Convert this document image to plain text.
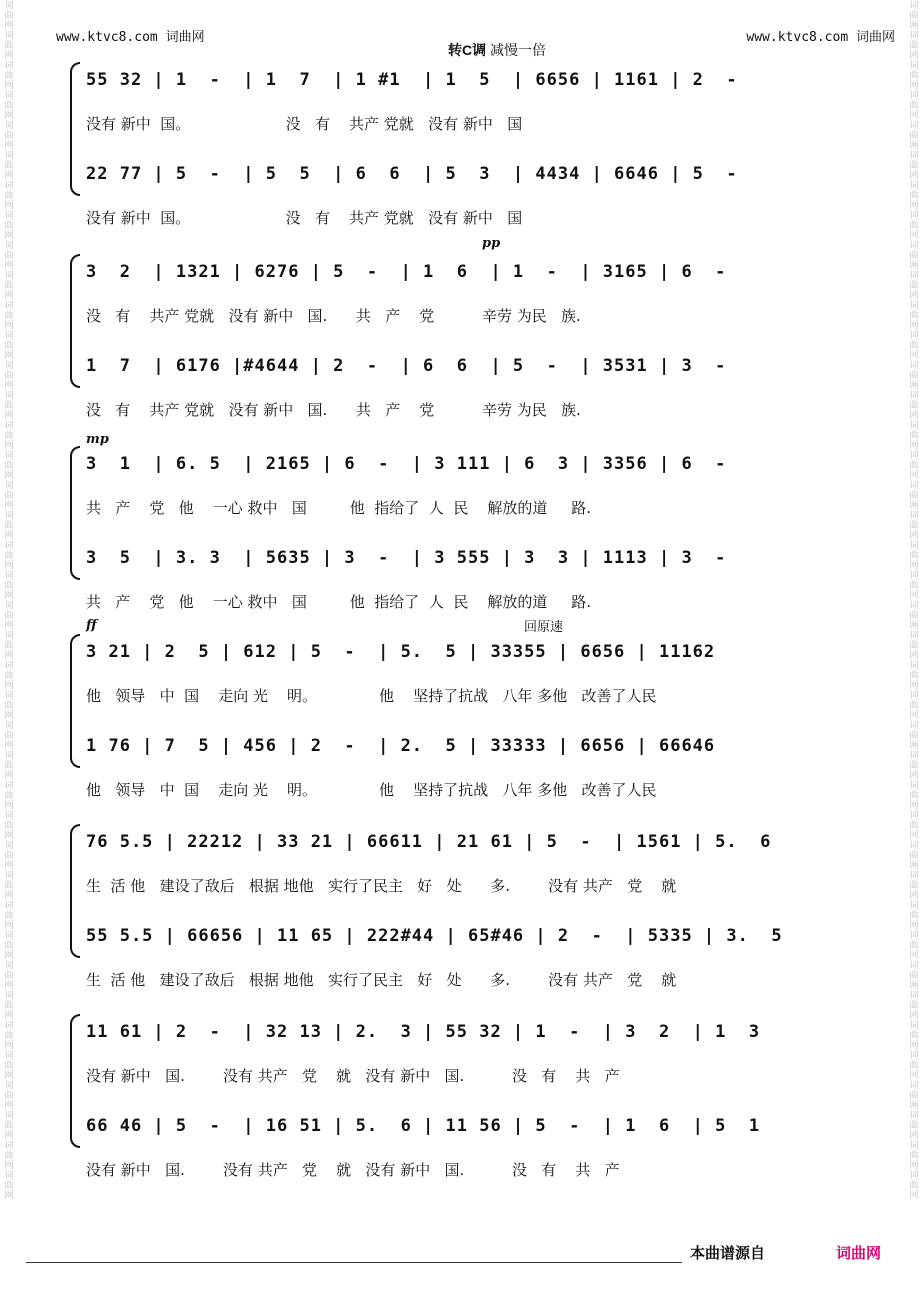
词
曲
网
词
曲
网
词
曲
网
词
曲
网
词
曲
网
词
曲
网
词
曲
网
词
曲
网
词
曲
网
词
曲
网
词
曲
网
词
曲
网
词
曲
网
词
曲
网
词
曲
网
词
曲
网
词
曲
网
词
曲
网
词
曲
网
词
曲
网
词
曲
网
词
曲
网
词
曲
网
词
曲
网
词
曲
网
词
曲
网
词
曲
网
词
曲
网
词
曲
网
词
曲
网
词
曲
网
词
曲
网
词
曲
网
词
曲
网
词
曲
网
词
曲
网
词
曲
网
词
曲
网
词
曲
网
词
曲
网
词
曲
网
词
曲
网
词
曲
网
词
曲
网
词
曲
网
词
曲
网
词
曲
网
词
曲
网
词
曲
网
词
曲
网
词
曲
网
词
曲
网
词
曲
网
词
曲
网
词
曲
网
词
曲
网
词
曲
网
词
曲
网
词
曲
网
词
曲
网
词
曲
网
词
曲
网
词
曲
网
词
曲
网
词
曲
网
词
曲
网
词
曲
网
词
曲
网
词
曲
网
词
曲
网
词
曲
网
词
曲
网
词
曲
网
词
曲
网
词
曲
网
词
曲
网
词
曲
网
词
曲
网
词
曲
网
词
曲
网
www.ktvc8.com 词曲网	www.ktvc8.com 词曲网
转C调 减慢一倍
55 32 | 1  -  | 1  7  | 1 #1  | 1  5  | 6656 | 1161 | 2  -
没有 新中  国。                    没   有    共产 党就   没有 新中   国
22 77 | 5  -  | 5  5  | 6  6  | 5  3  | 4434 | 6646 | 5  -
没有 新中  国。                    没   有    共产 党就   没有 新中   国
pp
3  2  | 1321 | 6276 | 5  -  | 1  6  | 1  -  | 3165 | 6  -
没   有    共产 党就   没有 新中   国.      共   产    党          辛劳 为民   族.
1  7  | 6176 |#4644 | 2  -  | 6  6  | 5  -  | 3531 | 3  -
没   有    共产 党就   没有 新中   国.      共   产    党          辛劳 为民   族.
mp
3  1  | 6. 5  | 2165 | 6  -  | 3 111 | 6  3 | 3356 | 6  -
共   产    党   他    一心 救中   国         他  指给了  人  民    解放的道     路.
3  5  | 3. 3  | 5635 | 3  -  | 3 555 | 3  3 | 1113 | 3  -
共   产    党   他    一心 救中   国         他  指给了  人  民    解放的道     路.
ff	回原速
3 21 | 2  5 | 612 | 5  -  | 5.  5 | 33355 | 6656 | 11162
他   领导   中  国    走向 光    明。             他    坚持了抗战   八年 多他   改善了人民
1 76 | 7  5 | 456 | 2  -  | 2.  5 | 33333 | 6656 | 66646
他   领导   中  国    走向 光    明。             他    坚持了抗战   八年 多他   改善了人民
76 5.5 | 22212 | 33 21 | 66611 | 21 61 | 5  -  | 1561 | 5.  6
生  活 他   建设了敌后   根据 地他   实行了民主   好   处      多.        没有 共产   党    就
55 5.5 | 66656 | 11 65 | 222#44 | 65#46 | 2  -  | 5335 | 3.  5
生  活 他   建设了敌后   根据 地他   实行了民主   好   处      多.        没有 共产   党    就
11 61 | 2  -  | 32 13 | 2.  3 | 55 32 | 1  -  | 3  2  | 1  3
没有 新中   国.        没有 共产   党    就   没有 新中   国.          没   有    共   产
66 46 | 5  -  | 16 51 | 5.  6 | 11 56 | 5  -  | 1  6  | 5  1
没有 新中   国.        没有 共产   党    就   没有 新中   国.          没   有    共   产
本曲谱源自	词曲网
